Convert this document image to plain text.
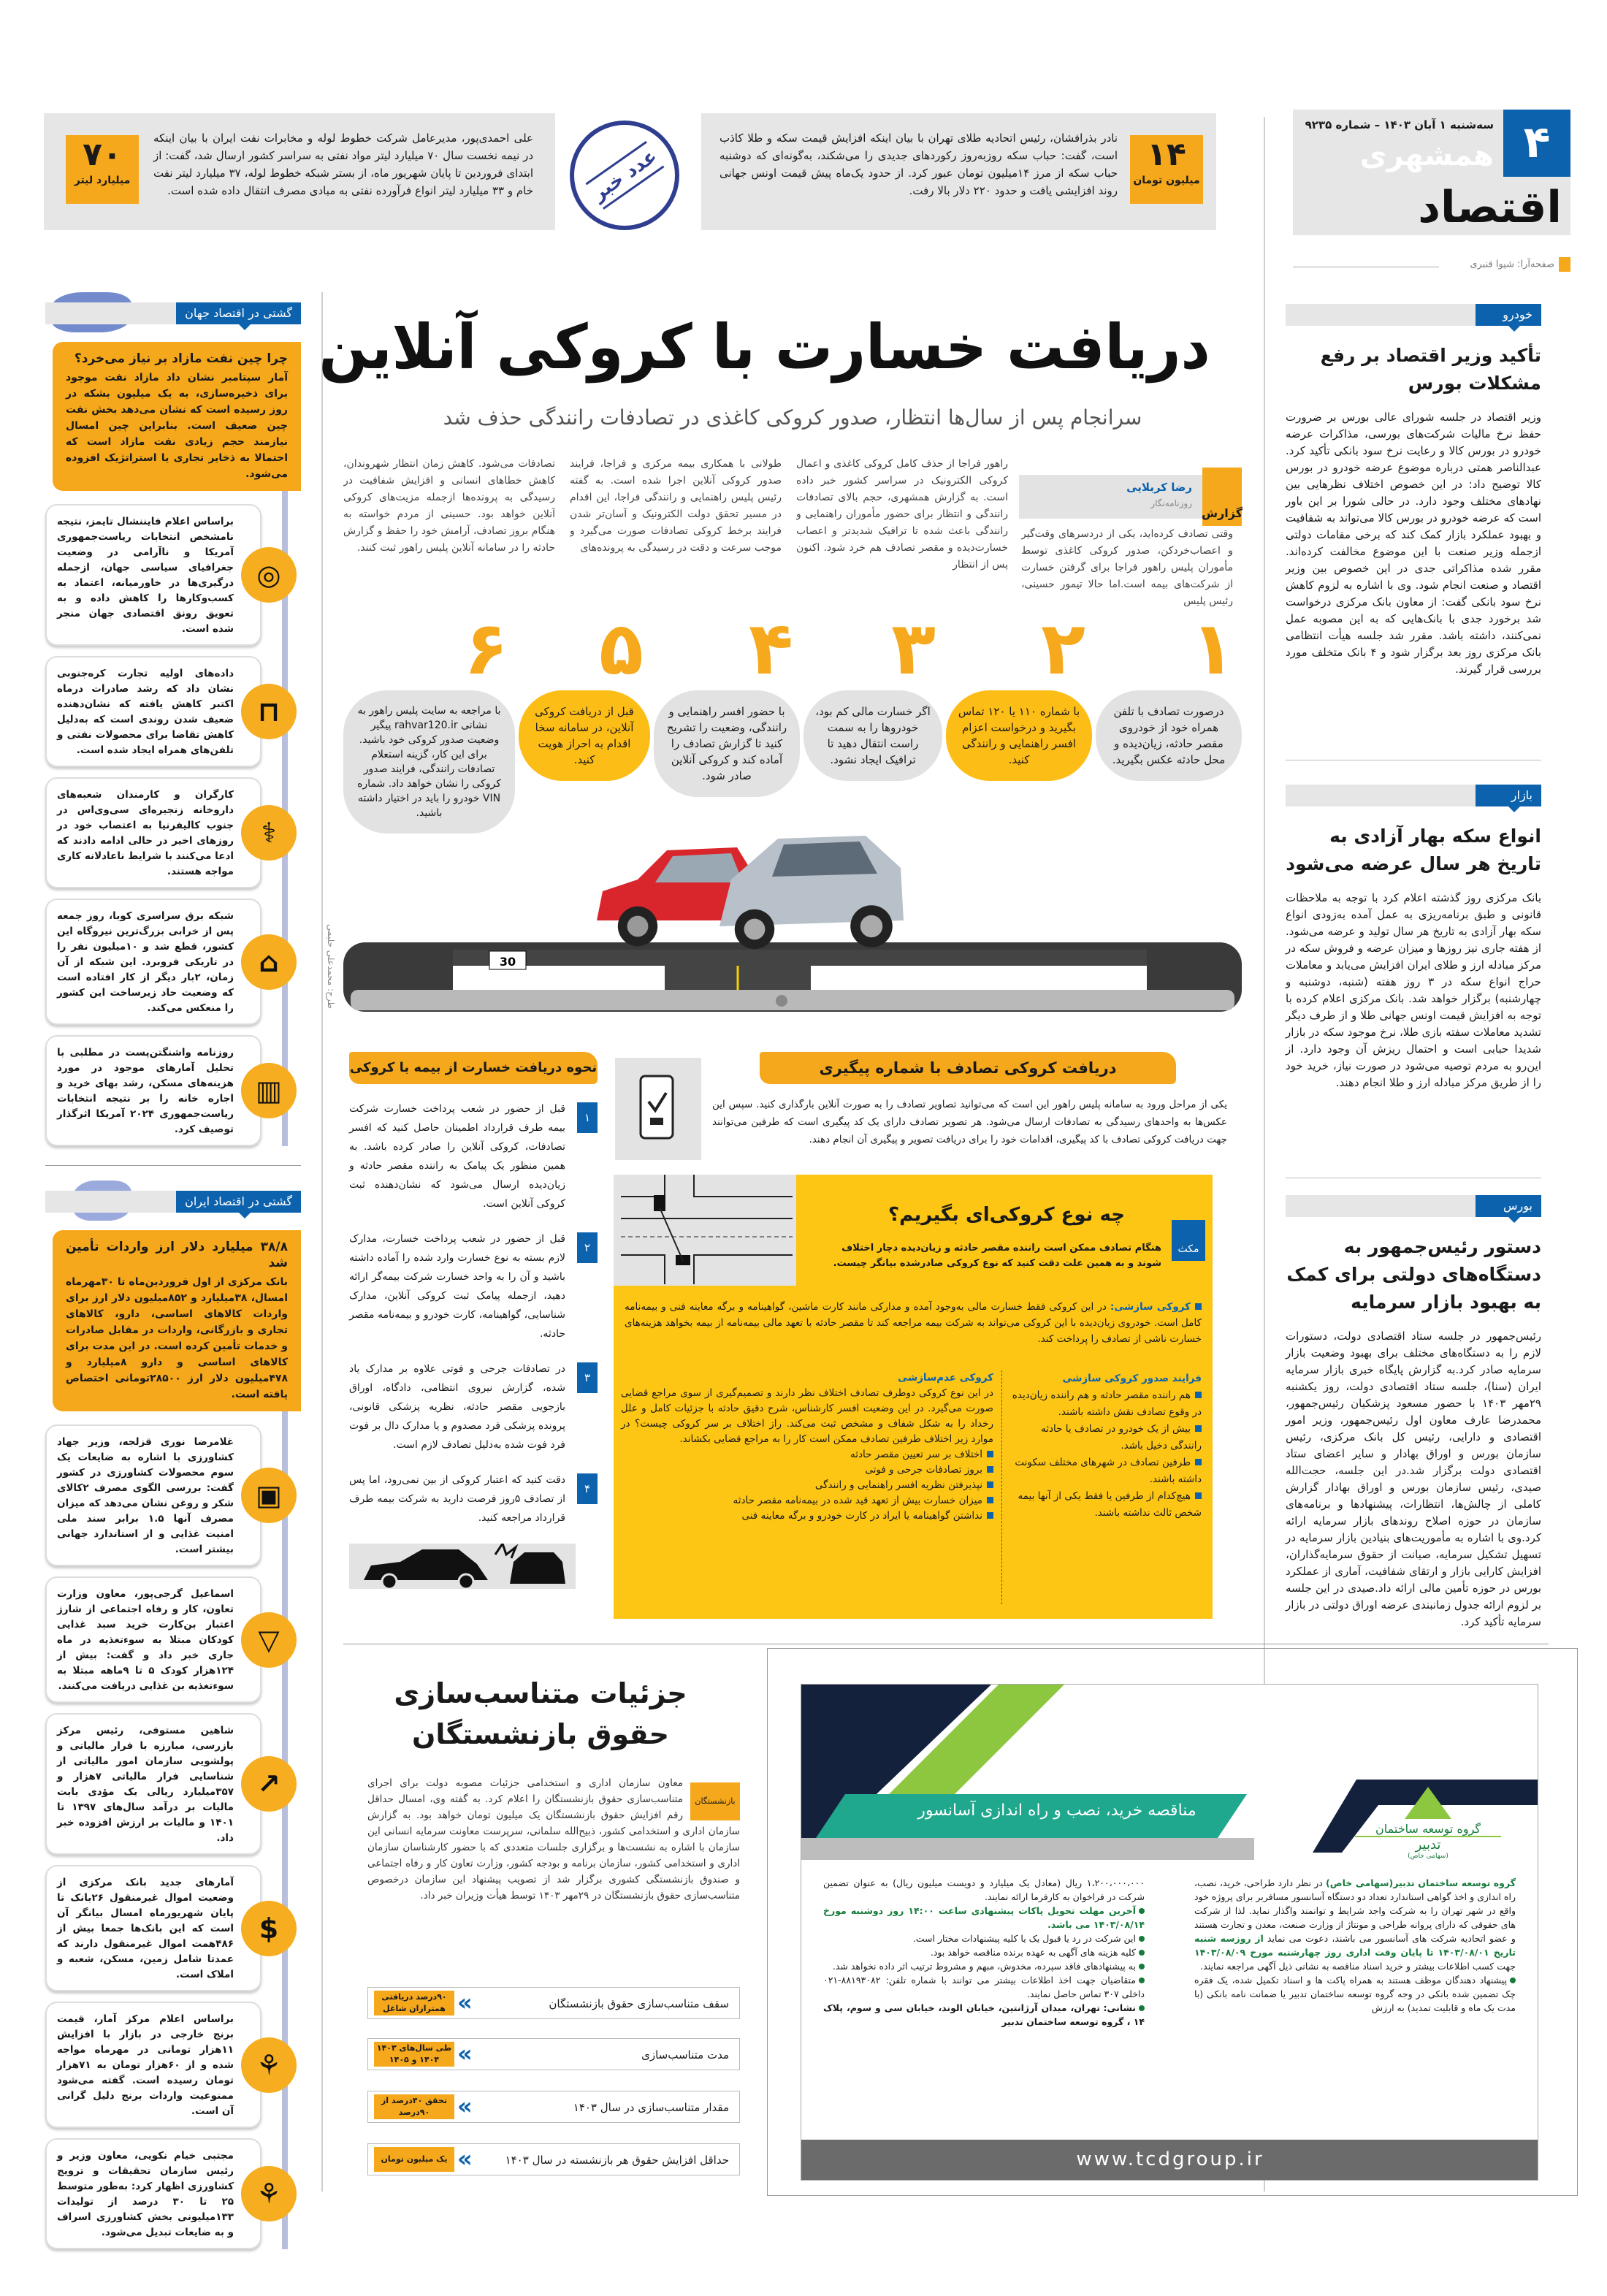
۴
سه‌شنبه ۱ آبان ۱۴۰۳ – شماره ۹۲۳۵
همشهری
اقتصاد
صفحه‌آرا: شیوا قنبری
۱۴
میلیون تومان
نادر بذرافشان، رئیس اتحادیه طلای تهران با بیان اینکه افزایش قیمت سکه و طلا کاذب است، گفت: حباب سکه روزبه‌روز رکوردهای جدیدی را می‌شکند، به‌گونه‌ای که دوشنبه حباب سکه از مرز ۱۴میلیون تومان عبور کرد. از حدود یک‌ماه پیش قیمت اونس جهانی روند افزایشی یافت و حدود ۲۲۰ دلار بالا رفت.
عدد خبر
۷۰
میلیارد لیتر
علی احمدی‌پور، مدیرعامل شرکت خطوط لوله و مخابرات نفت ایران با بیان اینکه در نیمه نخست سال ۷۰ میلیارد لیتر مواد نفتی به سراسر کشور ارسال شد، گفت: از ابتدای فروردین تا پایان شهریور ماه، از بستر شبکه خطوط لوله، ۳۷ میلیارد لیتر نفت خام و ۳۳ میلیارد لیتر انواع فرآورده نفتی به مبادی مصرف انتقال داده شده است.
خودرو
تأکید وزیر اقتصاد بر رفع مشکلات بورس
وزیر اقتصاد در جلسه شورای عالی بورس بر ضرورت حفظ نرخ مالیات شرکت‌های بورسی، مذاکرات عرضه خودرو در بورس کالا و رعایت نرخ سود بانکی تأکید کرد. عبدالناصر همتی درباره موضوع عرضه خودرو در بورس کالا توضیح داد: در این خصوص اختلاف نظرهایی بین نهادهای مختلف وجود دارد. در حالی شورا بر این باور است که عرضه خودرو در بورس کالا می‌تواند به شفافیت و بهبود عملکرد بازار کمک کند که برخی مقامات دولتی ازجمله وزیر صنعت با این موضوع مخالفت کرده‌اند. مقرر شده مذاکراتی جدی در این خصوص بین وزیر اقتصاد و صنعت انجام شود. وی با اشاره به لزوم کاهش نرخ سود بانکی گفت: از معاون بانک مرکزی درخواست شد برخورد جدی با بانک‌هایی که به این مصوبه عمل نمی‌کنند، داشته باشد. مقرر شد جلسه هیأت انتظامی بانک مرکزی روز بعد برگزار شود و ۴ بانک متخلف مورد بررسی قرار گیرند.
بازار
انواع سکه بهار آزادی به تاریخ هر سال عرضه می‌شود
بانک مرکزی روز گذشته اعلام کرد با توجه به ملاحظات قانونی و طبق برنامه‌ریزی به عمل آمده به‌زودی انواع سکه بهار آزادی به تاریخ هر سال تولید و عرضه می‌شود. از هفته جاری نیز روزها و میزان عرضه و فروش سکه در مرکز مبادله ارز و طلای ایران افزایش می‌یابد و معاملات حراج انواع سکه در ۳ روز هفته (شنبه، دوشنبه و چهارشنبه) برگزار خواهد شد. بانک مرکزی اعلام کرده با توجه به افزایش قیمت اونس جهانی طلا و از طرف دیگر تشدید معاملات سفته بازی طلا، نرخ موجود سکه در بازار شدیدا حبابی است و احتمال ریزش آن وجود دارد. از این‌رو به مردم توصیه می‌شود در صورت نیاز، خرید خود را از طریق مرکز مبادله ارز و طلا انجام دهند.
بورس
دستور رئیس‌جمهور به دستگاه‌های دولتی برای کمک به بهبود بازار سرمایه
رئیس‌جمهور در جلسه ستاد اقتصادی دولت، دستورات لازم را به دستگاه‌های مختلف برای بهبود وضعیت بازار سرمایه صادر کرد.به گزارش پایگاه خبری بازار سرمایه ایران (سنا)، جلسه ستاد اقتصادی دولت، روز یکشنبه ۲۹مهر ۱۴۰۳ با حضور مسعود پزشکیان رئیس‌جمهور، محمدرضا عارف معاون اول رئیس‌جمهور، وزیر امور اقتصادی و دارایی، رئیس کل بانک مرکزی، رئیس سازمان بورس و اوراق بهادار و سایر اعضای ستاد اقتصادی دولت برگزار شد.در این جلسه، حجت‌الله صیدی، رئیس سازمان بورس و اوراق بهادار گزارش کاملی از چالش‌ها، انتظارات، پیشنهادها و برنامه‌های سازمان در حوزه اصلاح روندهای بازار سرمایه ارائه کرد.وی با اشاره به مأموریت‌های بنیادین بازار سرمایه در تسهیل تشکیل سرمایه، صیانت از حقوق سرمایه‌گذاران، افزایش کارایی بازار و ارتقای شفافیت، آماری از عملکرد بورس در حوزه تأمین مالی ارائه داد.صیدی در این جلسه بر لزوم ارائه جدول زمانبندی عرضه اوراق دولتی در بازار سرمایه تأکید کرد.
دریافت خسارت با کروکی آنلاین
سرانجام پس از سال‌ها انتظار، صدور کروکی کاغذی در تصادفات رانندگی حذف شد
گزارش
رضا کربلایی
روزنامه‌نگار
وقتی تصادف کرده‌اید، یکی از دردسرهای وقت‌گیر و اعصاب‌خردکن، صدور کروکی کاغذی توسط مأموران پلیس راهور فراجا برای گرفتن خسارت از شرکت‌های بیمه است.اما حالا تیمور حسینی، رئیس پلیس
راهور فراجا از حذف کامل کروکی کاغذی و اعمال کروکی الکترونیک در سراسر کشور خبر داده است. به گزارش همشهری، حجم بالای تصادفات رانندگی و انتظار برای حضور مأموران راهنمایی و رانندگی باعث شده تا ترافیک شدیدتر و اعصاب خسارت‌دیده و مقصر تصادف هم خرد شود. اکنون پس از انتظار
طولانی با همکاری بیمه مرکزی و فراجا، فرایند صدور کروکی آنلاین اجرا شده است. به گفته رئیس پلیس راهنمایی و رانندگی فراجا، این اقدام در مسیر تحقق دولت الکترونیک و آسان‌تر شدن فرایند برخط کروکی تصادفات صورت می‌گیرد و موجب سرعت و دقت در رسیدگی به پرونده‌های
تصادفات می‌شود. کاهش زمان انتظار شهروندان، کاهش خطاهای انسانی و افزایش شفافیت در رسیدگی به پرونده‌ها ازجمله مزیت‌های کروکی آنلاین خواهد بود. حسینی از مردم خواسته به هنگام بروز تصادف، آرامش خود را حفظ و گزارش حادثه را در سامانه آنلاین پلیس راهور ثبت کنند.
۱
درصورت تصادف با تلفن همراه خود از خودروی مقصر حادثه، زیان‌دیده و محل حادثه عکس بگیرید.
۲
با شماره ۱۱۰ یا ۱۲۰ تماس بگیرید و درخواست اعزام افسر راهنمایی و رانندگی کنید.
۳
اگر خسارت مالی کم بود، خودروها را به سمت راست انتقال دهید تا ترافیک ایجاد نشود.
۴
با حضور افسر راهنمایی و رانندگی، وضعیت را تشریح کنید تا گزارش تصادف را آماده کند و کروکی آنلاین صادر شود.
۵
قبل از دریافت کروکی آنلاین، در سامانه سخا اقدام به احراز هویت کنید.
۶
با مراجعه به سایت پلیس راهور به نشانی rahvar120.ir پیگیر وضعیت صدور کروکی خود باشید. برای این کار، گزینه استعلام تصادفات رانندگی، فرایند صدور کروکی را نشان خواهد داد. شماره VIN خودرو را باید در اختیار داشته باشید.
طرح: محمدعلی حلیمی	30
دریافت کروکی تصادف با شماره پیگیری
یکی از مراحل ورود به سامانه پلیس راهور این است که می‌توانید تصاویر تصادف را به صورت آنلاین بارگذاری کنید. سپس این عکس‌ها به واحدهای رسیدگی به تصادفات ارسال می‌شود. هر تصویر تصادف دارای یک کد پیگیری است که طرفین می‌توانند جهت دریافت کروکی تصادف با کد پیگیری، اقدامات خود را برای دریافت تصویر و پیگیری آن انجام دهند.
نحوه دریافت خسارت از بیمه با کروکی
۱
قبل از حضور در شعب پرداخت خسارت شرکت بیمه طرف قرارداد اطمینان حاصل کنید که افسر تصادفات، کروکی آنلاین را صادر کرده باشد. به همین منظور یک پیامک به راننده مقصر حادثه و زیان‌دیده ارسال می‌شود که نشان‌دهنده ثبت کروکی آنلاین است.
۲
قبل از حضور در شعب پرداخت خسارت، مدارک لازم بسته به نوع خسارت وارد شده را آماده داشته باشید و آن را به واحد خسارت شرکت بیمه‌گر ارائه دهید، ازجمله پیامک ثبت کروکی آنلاین، مدارک شناسایی، گواهینامه، کارت خودرو و بیمه‌نامه مقصر حادثه.
۳
در تصادفات جرحی و فوتی علاوه بر مدارک یاد شده، گزارش نیروی انتظامی، دادگاه، اوراق بازجویی مقصر حادثه، نظریه پزشکی قانونی، پرونده پزشکی فرد مصدوم و یا مدارک دال بر فوت فرد فوت شده به‌دلیل تصادف لازم است.
۴
دقت کنید که اعتبار کروکی از بین نمی‌رود، اما پس از تصادف ۵روز فرصت دارید به شرکت بیمه طرف قرارداد مراجعه کنید.
مکث
چه نوع کروکی‌ای بگیریم؟
هنگام تصادف ممکن است راننده مقصر حادثه و زیان‌دیده دچار اختلاف شوند و به همین علت دقت کنید که نوع کروکی صادرشده بیانگر چیست.
کروکی سازشی: در این کروکی فقط خسارت مالی به‌وجود آمده و مدارکی مانند کارت ماشین، گواهینامه و برگه معاینه فنی و بیمه‌نامه کامل است. خودروی زیان‌دیده با این کروکی می‌تواند به شرکت بیمه مراجعه کند تا مقصر حادثه با تعهد مالی بیمه‌نامه از بیمه بخواهد هزینه‌های خسارت ناشی از تصادف را پرداخت کند.
فرایند صدور کروکی سازشی
هم راننده مقصر حادثه و هم راننده زیان‌دیده در وقوع تصادف نقش داشته باشند.
بیش از یک خودرو در تصادف یا حادثه رانندگی دخیل باشد.
طرفین تصادف در شهرهای مختلف سکونت داشته باشند.
هیچ‌کدام از طرفین یا فقط یکی از آنها بیمه شخص ثالث نداشته باشند.
کروکی عدم‌سازشی
در این نوع کروکی دوطرف تصادف اختلاف نظر دارند و تصمیم‌گیری از سوی مراجع قضایی صورت می‌گیرد. در این وضعیت افسر کارشناس، شرح دقیق حادثه با جزئیات کامل و علل رخداد را به شکل شفاف و مشخص ثبت می‌کند. راز اختلاف بر سر کروکی چیست؟ در موارد زیر اختلاف طرفین تصادف ممکن است کار را به مراجع قضایی بکشاند.
اختلاف بر سر تعیین مقصر حادثه
بروز تصادفات جرحی و فوتی
نپذیرفتن نظریه افسر راهنمایی و رانندگی
میزان خسارت بیش از تعهد قید شده در بیمه‌نامه مقصر حادثه
نداشتن گواهینامه یا ایراد در کارت خودرو و برگه معاینه فنی
جزئیات متناسب‌سازی
حقوق بازنشستگان
بازنشستگان
معاون سازمان اداری و استخدامی جزئیات مصوبه دولت برای اجرای متناسب‌سازی حقوق بازنشستگان را اعلام کرد. به گفته وی، امسال حداقل رقم افزایش حقوق بازنشستگان یک میلیون تومان خواهد بود. به گزارش سازمان اداری و استخدامی کشور، ذبیح‌الله سلمانی، سرپرست معاونت سرمایه انسانی این سازمان با اشاره به نشست‌ها و برگزاری جلسات متعددی که با حضور کارشناسان سازمان اداری و استخدامی کشور، سازمان برنامه و بودجه کشور، وزارت تعاون کار و رفاه اجتماعی و صندوق بازنشستگی کشوری برگزار شد از تصویب پیشنهاد این سازمان درخصوص متناسب‌سازی حقوق بازنشستگان در ۲۹مهر ۱۴۰۳ توسط هیأت وزیران خبر داد.
سقف متناسب‌سازی حقوق بازنشستگان
«
۹۰درصد دریافتی همترازان شاغل
مدت متناسب‌سازی
«
طی سال‌های ۱۴۰۳ ۱۴۰۴ و ۱۴۰۵
مقدار متناسب‌سازی در سال ۱۴۰۳
«
تحقق ۴۰درصد از ۹۰درصد
حداقل افزایش حقوق هر بازنشسته در سال ۱۴۰۳
«
یک میلیون تومان
مناقصه خرید، نصب و راه اندازی آسانسور
گروه توسعه ساختمان
تدبیر
(سهامی خاص)
گروه توسعه ساختمان تدبیر(سهامی خاص) در نظر دارد طراحی، خرید، نصب، راه اندازی و اخذ گواهی استاندارد تعداد دو دستگاه آسانسور مسافربر برای پروژه خود واقع در شهر تهران را به شرکت واجد شرایط و توانمند واگذار نماید. لذا از شرکت های حقوقی که دارای پروانه طراحی و مونتاژ از وزارت صنعت، معدن و تجارت هستند و عضو اتحادیه شرکت های آسانسور می باشند، دعوت می نماید از روزسه شنبه تاریخ ۱۴۰۳/۰۸/۰۱ تا پایان وقت اداری روز چهارشنبه مورخ ۱۴۰۳/۰۸/۰۹ جهت کسب اطلاعات بیشتر و خرید اسناد مناقصه به نشانی ذیل آگهی مراجعه نمایند.
پیشنهاد دهندگان موظف هستند به همراه پاکت ها و اسناد تکمیل شده، یک فقره چک تضمین شده بانکی در وجه گروه توسعه ساختمان تدبیر یا ضمانت نامه بانکی (با مدت یک ماه و قابلیت تمدید) به ارزش
۱،۲۰۰،۰۰۰،۰۰۰ ریال (معادل یک میلیارد و دویست میلیون ریال) به عنوان تضمین شرکت در فراخوان به کارفرما ارائه نمایند.
آخرین مهلت تحویل پاکات پیشنهادی ساعت ۱۴:۰۰ روز دوشنبه مورخ ۱۴۰۳/۰۸/۱۴ می باشد.
این شرکت در رد یا قبول یک یا کلیه پیشنهادات مختار است.
کلیه هزینه های آگهی به عهده برنده مناقصه خواهد بود.
به پیشنهادهای فاقد سپرده، مخدوش، مبهم و مشروط ترتیب اثر داده نخواهد شد.
متقاضیان جهت اخذ اطلاعات بیشتر می توانند با شماره تلفن: ۸۸۱۹۳۰۸۲-۰۲۱ داخلی ۳۰۷ تماس حاصل نمایند.
نشانی: تهران، میدان آرژانتین، خیابان الوند، خیابان سی و سوم، پلاک ۱۴ ، گروه توسعه ساختمان تدبیر
www.tcdgroup.ir
گشتی در اقتصاد جهان
چرا چین نفت مازاد بر نیاز می‌خرد؟
آمار سپتامبر نشان داد مازاد نفت موجود برای ذخیره‌سازی، به یک میلیون بشکه در روز رسیده است که نشان می‌دهد بخش نفت چین ضعیف است. بنابراین چین امسال نیازمند حجم زیادی نفت مازاد است که احتمالا به ذخایر تجاری یا استراتژیک افزوده می‌شود.
براساس اعلام فایننشال تایمز، نتیجه نامشخص انتخابات ریاست‌جمهوری آمریکا و ناآرامی در وضعیت جغرافیای سیاسی جهان، ازجمله درگیری‌ها در خاورمیانه، اعتماد به کسب‌وکارها را کاهش داده و به تعویق رونق اقتصادی جهان منجر شده است.
◎
داده‌های اولیه تجارت کره‌جنوبی نشان داد که رشد صادرات درماه اکتبر کاهش یافته که نشان‌دهنده ضعیف شدن روندی است که به‌دلیل کاهش تقاضا برای محصولات نفتی و تلفن‌های همراه ایجاد شده است.
⊓
کارگران و کارمندان شعبه‌های داروخانه زنجیره‌ای سی‌وی‌اس در جنوب کالیفرنیا به اعتصاب خود در روزهای اخیر در حالی ادامه دادند که ادعا می‌کنند با شرایط ناعادلانه کاری مواجه هستند.
⚕
شبکه برق سراسری کوبا، روز جمعه پس از خرابی بزرگ‌ترین نیروگاه این کشور، قطع شد و ۱۰میلیون نفر را در تاریکی فروبرد. این شبکه از آن زمان، ۲بار دیگر از کار افتاده است که وضعیت حاد زیرساخت این کشور را منعکس می‌کند.
⌂
روزنامه واشنگتن‌پست در مطلبی با تحلیل آمارهای موجود در مورد هزینه‌های مسکن، رشد بهای خرید و اجاره خانه را بر نتیجه انتخابات ریاست‌جمهوری ۲۰۲۴ آمریکا اثرگذار توصیف کرد.
▥
گشتی در اقتصاد ایران
۳۸/۸ میلیارد دلار ارز واردات تأمین شد
بانک مرکزی از اول فروردین‌ماه تا ۳۰مهرماه امسال، ۳۸میلیارد و ۸۵۲میلیون دلار ارز برای واردات کالاهای اساسی، دارو، کالاهای تجاری و بازرگانی، واردات در مقابل صادرات و خدمات تأمین کرده است. در این مدت برای کالاهای اساسی و دارو ۸میلیارد و ۴۷۸میلیون دلار ارز ۲۸۵۰۰تومانی اختصاص یافته است.
غلامرضا نوری قزلجه، وزیر جهاد کشاورزی با اشاره به ضایعات یک سوم محصولات کشاورزی در کشور گفت: بررسی الگوی مصرف ۲کالای شکر و روغن نشان می‌دهد که میزان مصرف آنها ۱.۵ برابر سند ملی امنیت غذایی و از استاندارد جهانی بیشتر است.
▣
اسماعیل گرجی‌پور، معاون وزارت تعاون، کار و رفاه اجتماعی از شارژ اعتبار بن‌کارت خرید سبد غذایی کودکان مبتلا به سوءتغذیه در ماه جاری خبر داد و گفت: بیش از ۱۲۴هزار کودک ۵ تا ۹ماهه مبتلا به سوءتغذیه بن غذایی دریافت می‌کنند.
▽
شاهین مستوفی، رئیس مرکز بازرسی، مبارزه با فرار مالیاتی و پولشویی سازمان امور مالیاتی از شناسایی فرار مالیاتی ۷هزار و ۳۵۷میلیارد ریالی یک مؤدی بابت مالیات بر درآمد سال‌های ۱۳۹۷ تا ۱۴۰۱ و مالیات بر ارزش افزوده خبر داد.
↗
آمارهای جدید بانک مرکزی از وضعیت اموال غیرمنقول ۲۶بانک تا پایان شهریورماه امسال بیانگر آن است که این بانک‌ها جمعا بیش از ۴۸۶همت اموال غیرمنقول دارند که عمدتا شامل زمین، مسکن، شعبه و املاک است.
$
براساس اعلام مرکز آمار، قیمت برنج خارجی در بازار با افزایش ۱۱هزار تومانی در مهرماه مواجه شده و از ۶۰هزار تومان به ۷۱هزار تومان رسیده است. گفته می‌شود ممنوعیت واردات برنج دلیل گرانی آن است.
⚘
مجتبی خیام نکویی، معاون وزیر و رئیس سازمان تحقیقات و ترویج کشاورزی اظهار کرد: به‌طور متوسط ۲۵ تا ۳۰ درصد از تولیدات ۱۳۳میلیونی بخش کشاورزی اسراف و به ضایعات تبدیل می‌شود.
⚘
